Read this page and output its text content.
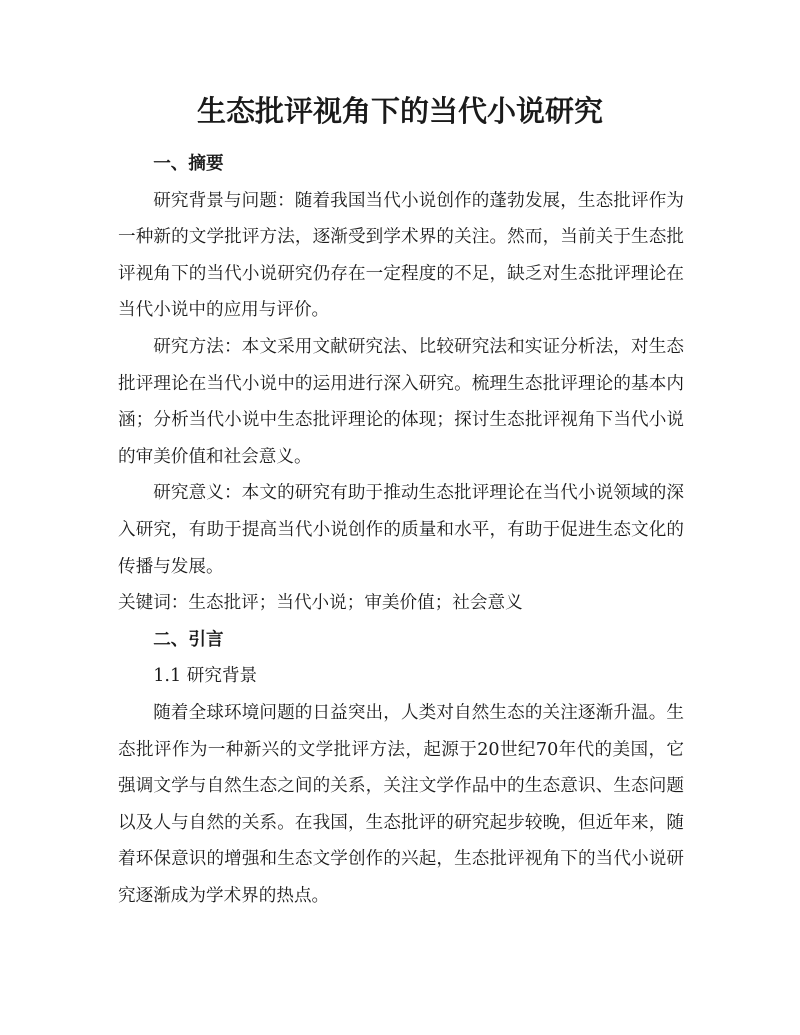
生态批评视角下的当代小说研究

一、摘要

研究背景与问题：随着我国当代小说创作的蓬勃发展，生态批评作为一种新的文学批评方法，逐渐受到学术界的关注。然而，当前关于生态批评视角下的当代小说研究仍存在一定程度的不足，缺乏对生态批评理论在当代小说中的应用与评价。

研究方法：本文采用文献研究法、比较研究法和实证分析法，对生态批评理论在当代小说中的运用进行深入研究。梳理生态批评理论的基本内涵；分析当代小说中生态批评理论的体现；探讨生态批评视角下当代小说的审美价值和社会意义。

研究意义：本文的研究有助于推动生态批评理论在当代小说领域的深入研究，有助于提高当代小说创作的质量和水平，有助于促进生态文化的传播与发展。

关键词：生态批评；当代小说；审美价值；社会意义

二、引言

1.1 研究背景

随着全球环境问题的日益突出，人类对自然生态的关注逐渐升温。生态批评作为一种新兴的文学批评方法，起源于20世纪70年代的美国，它强调文学与自然生态之间的关系，关注文学作品中的生态意识、生态问题以及人与自然的关系。在我国，生态批评的研究起步较晚，但近年来，随着环保意识的增强和生态文学创作的兴起，生态批评视角下的当代小说研究逐渐成为学术界的热点。
